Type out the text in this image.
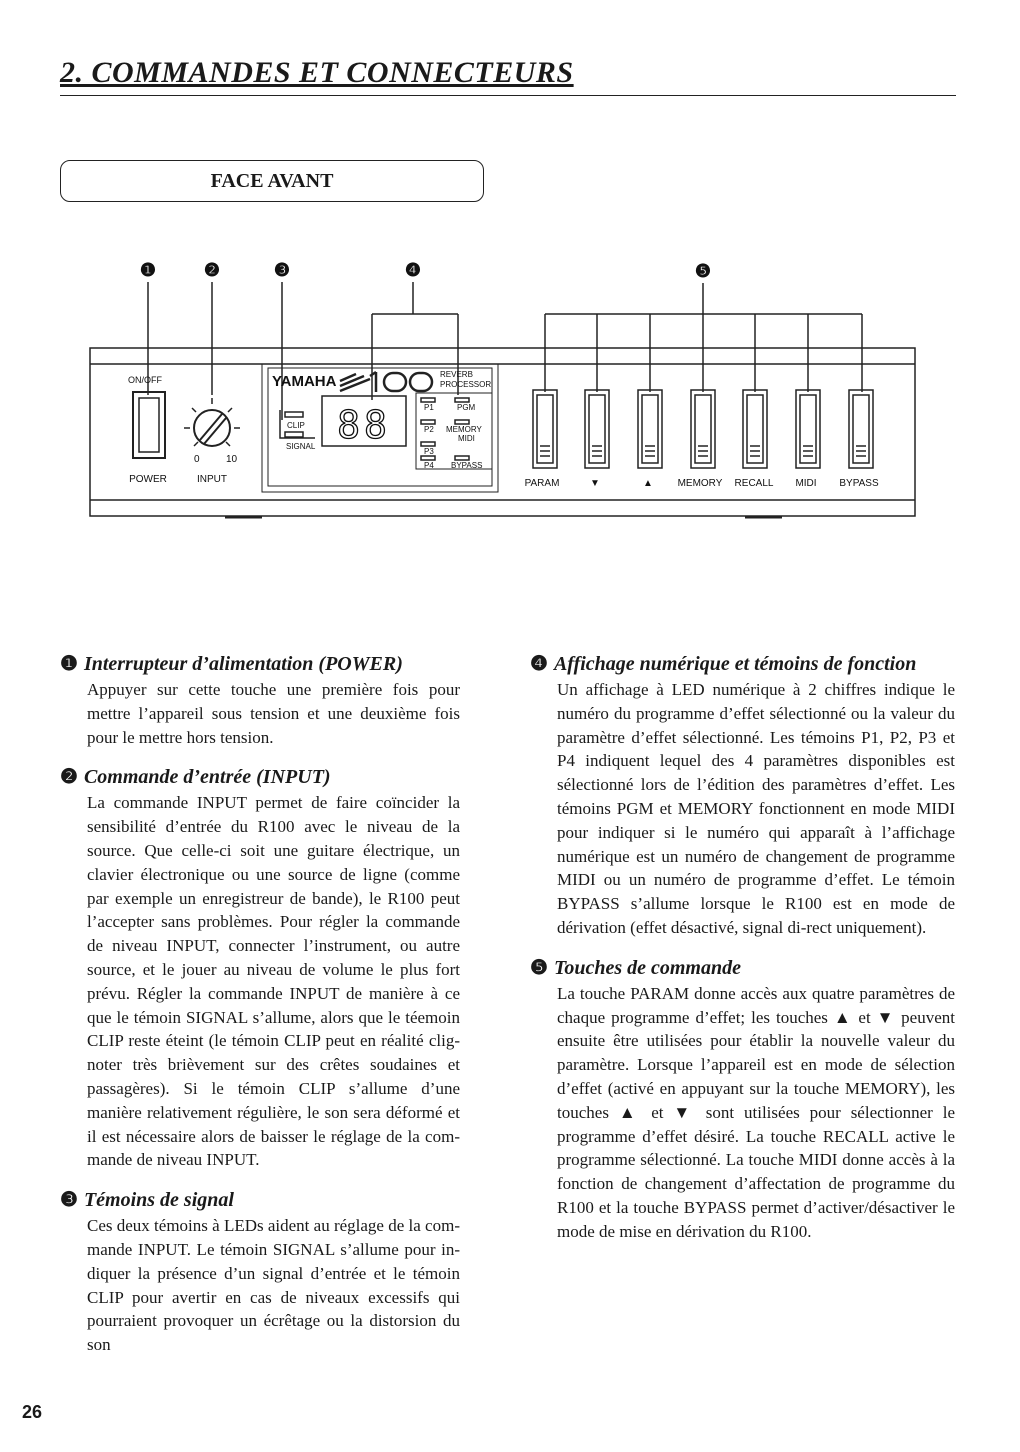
2. COMMANDES ET CONNECTEURS
FACE AVANT
❶	❷	❸	❹	❺
ON/OFF
POWER
0	10
INPUT
YAMAHA
R100
REVERB
PROCESSOR
CLIP
SIGNAL 88	P1
P2
P3
P4
PGM
MEMORY
MIDI
BYPASS
PARAM	▼	▲ MEMORY RECALL MIDI BYPASS
❶ Interrupteur d’alimentation (POWER)

Appuyer sur cette touche une première fois pour mettre l’appareil sous tension et une deuxième fois pour le mettre hors tension.

❷ Commande d’entrée (INPUT)

La commande INPUT permet de faire coïncider la sensibilité d’entrée du R100 avec le niveau de la source. Que celle-ci soit une guitare électrique, un clavier électronique ou une source de ligne (comme par exemple un enregistreur de bande), le R100 peut l’accepter sans problèmes. Pour régler la commande de niveau INPUT, connecter l’instrument, ou autre source, et le jouer au niveau de volume le plus fort prévu. Régler la commande INPUT de manière à ce que le témoin SIGNAL s’allume, alors que le téemoin CLIP reste éteint (le témoin CLIP peut en réalité clig-noter très brièvement sur des crêtes soudaines et passagères). Si le témoin CLIP s’allume d’une manière relativement régulière, le son sera déformé et il est nécessaire alors de baisser le réglage de la com-mande de niveau INPUT.

❸ Témoins de signal

Ces deux témoins à LEDs aident au réglage de la com-mande INPUT. Le témoin SIGNAL s’allume pour in-diquer la présence d’un signal d’entrée et le témoin CLIP pour avertir en cas de niveaux excessifs qui pourraient provoquer un écrêtage ou la distorsion du son

❹ Affichage numérique et témoins de fonction

Un affichage à LED numérique à 2 chiffres indique le numéro du programme d’effet sélectionné ou la valeur du paramètre d’effet sélectionné. Les témoins P1, P2, P3 et P4 indiquent lequel des 4 paramètres disponibles est sélectionné lors de l’édition des paramètres d’effet. Les témoins PGM et MEMORY fonctionnent en mode MIDI pour indiquer si le numéro qui apparaît à l’affichage numérique est un numéro de changement de programme MIDI ou un numéro de programme d’effet. Le témoin BYPASS s’allume lorsque le R100 est en mode de dérivation (effet désactivé, signal di-rect uniquement).

❺ Touches de commande

La touche PARAM donne accès aux quatre paramètres de chaque programme d’effet; les touches ▲ et ▼ peuvent ensuite être utilisées pour établir la nouvelle valeur du paramètre. Lorsque l’appareil est en mode de sélection d’effet (activé en appuyant sur la touche MEMORY), les touches ▲ et ▼ sont utilisées pour sélectionner le programme d’effet désiré. La touche RECALL active le programme sélectionné. La touche MIDI donne accès à la fonction de changement d’affectation de programme du R100 et la touche BYPASS permet d’activer/désactiver le mode de mise en dérivation du R100.

26
